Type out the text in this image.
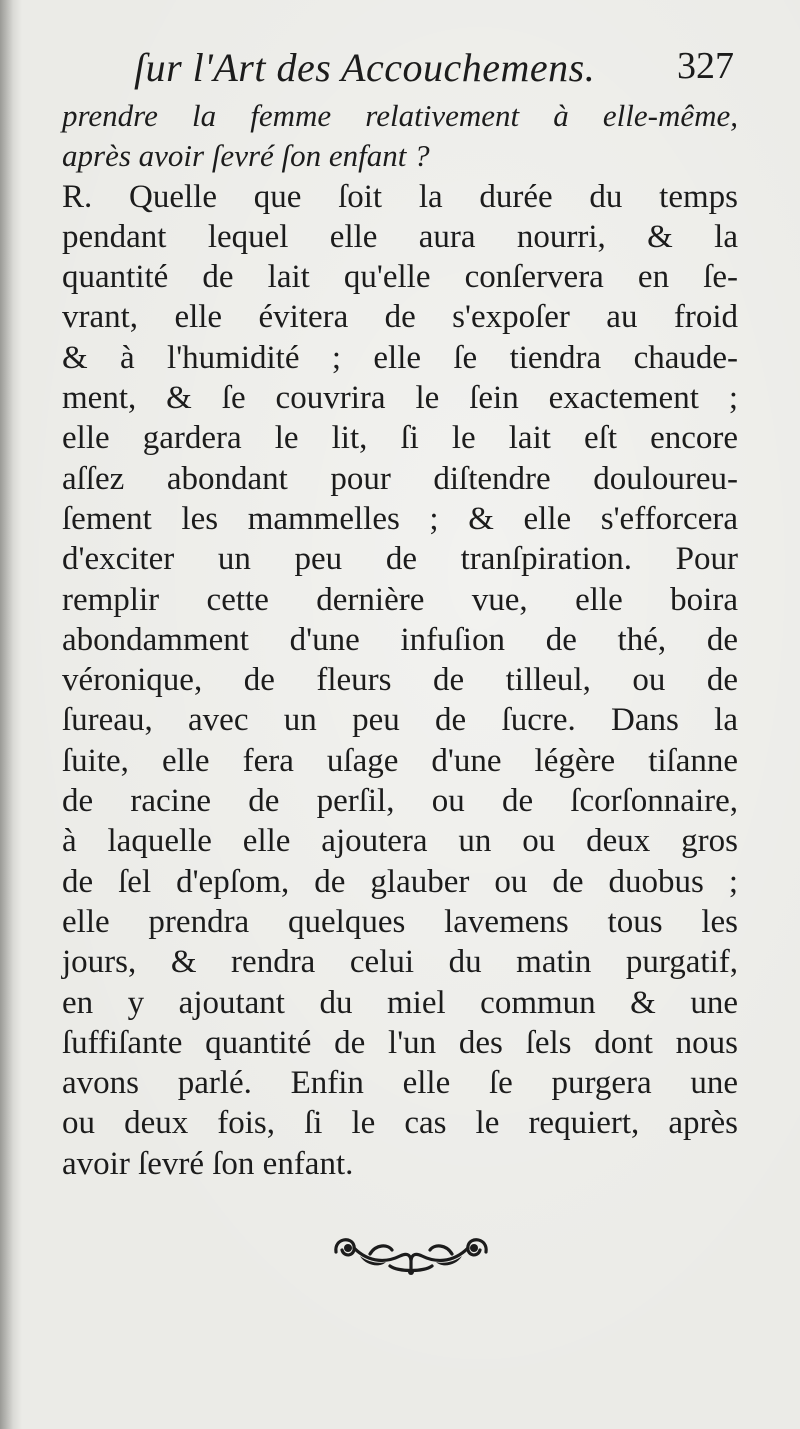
ſur l'Art des Accouchemens. 327
prendre la femme relativement à elle-même,
après avoir ſevré ſon enfant ?
R. Quelle que ſoit la durée du temps
pendant lequel elle aura nourri, & la
quantité de lait qu'elle conſervera en ſe-
vrant, elle évitera de s'expoſer au froid
& à l'humidité ; elle ſe tiendra chaude-
ment, & ſe couvrira le ſein exactement ;
elle gardera le lit, ſi le lait eſt encore
aſſez abondant pour diſtendre douloureu-
ſement les mammelles ; & elle s'efforcera
d'exciter un peu de tranſpiration. Pour
remplir cette dernière vue, elle boira
abondamment d'une infuſion de thé, de
véronique, de fleurs de tilleul, ou de
ſureau, avec un peu de ſucre. Dans la
ſuite, elle fera uſage d'une légère tiſanne
de racine de perſil, ou de ſcorſonnaire,
à laquelle elle ajoutera un ou deux gros
de ſel d'epſom, de glauber ou de duobus ;
elle prendra quelques lavemens tous les
jours, & rendra celui du matin purgatif,
en y ajoutant du miel commun & une
ſuffiſante quantité de l'un des ſels dont nous
avons parlé. Enfin elle ſe purgera une
ou deux fois, ſi le cas le requiert, après
avoir ſevré ſon enfant.
